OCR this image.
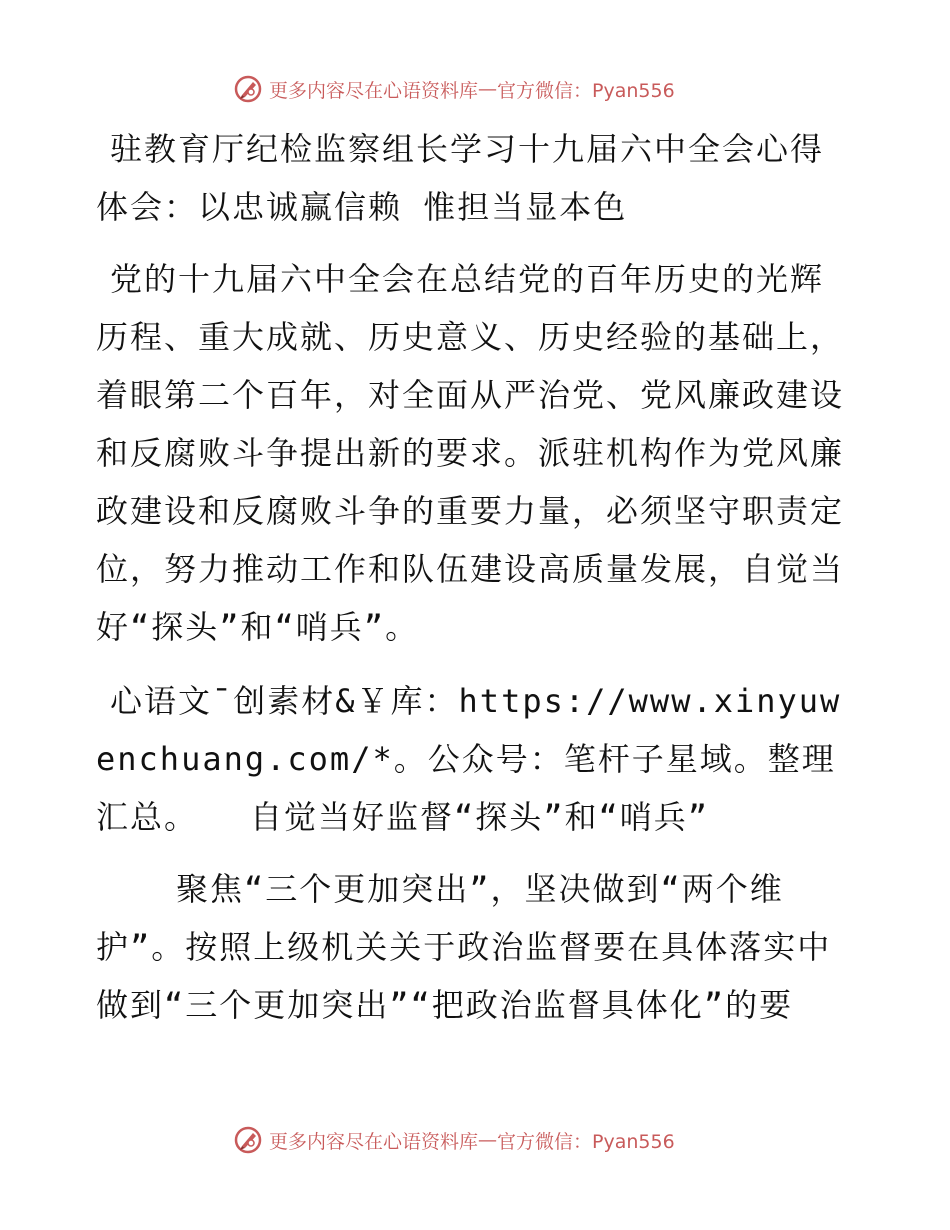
更多内容尽在心语资料库 — 官方微信：Pyan556

驻教育厅纪检监察组长学习十九届六中全会心得体会：以忠诚赢信赖 惟担当显本色

党的十九届六中全会在总结党的百年历史的光辉历程、重大成就、历史意义、历史经验的基础上，着眼第二个百年，对全面从严治党、党风廉政建设和反腐败斗争提出新的要求。派驻机构作为党风廉政建设和反腐败斗争的重要力量，必须坚守职责定位，努力推动工作和队伍建设高质量发展，自觉当好“探头”和“哨兵”。

心语文¯创素材&￥库：https://www.xinyuwenchuang.com/*。公众号：笔杆子星域。整理汇总。　　自觉当好监督“探头”和“哨兵”

聚焦“三个更加突出”，坚决做到“两个维护”。按照上级机关关于政治监督要在具体落实中做到“三个更加突出”“把政治监督具体化”的要

更多内容尽在心语资料库 — 官方微信：Pyan556
